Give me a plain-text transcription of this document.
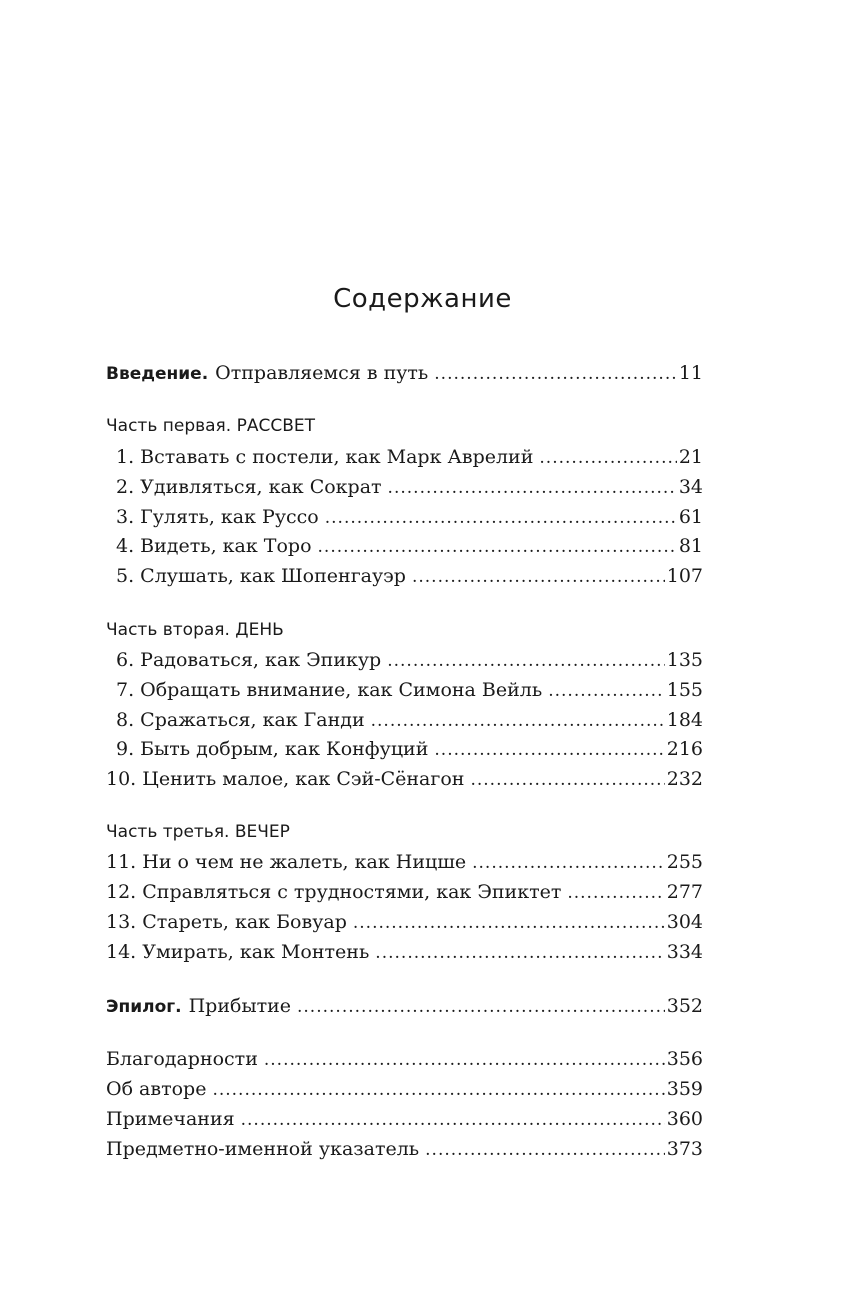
Содержание
Введение. Отправляемся в путь .....	11
Часть первая. РАССВЕТ
1. Вставать с постели, как Марк Аврелий .....	21
2. Удивляться, как Сократ .....	34
3. Гулять, как Руссо .....	61
4. Видеть, как Торо .....	81
5. Слушать, как Шопенгауэр .....	107
Часть вторая. ДЕНЬ
6. Радоваться, как Эпикур .....	135
7. Обращать внимание, как Симона Вейль .....	155
8. Сражаться, как Ганди .....	184
9. Быть добрым, как Конфуций .....	216
10. Ценить малое, как Сэй-Сёнагон .....	232
Часть третья. ВЕЧЕР
11. Ни о чем не жалеть, как Ницше .....	255
12. Справляться с трудностями, как Эпиктет .....	277
13. Стареть, как Бовуар .....	304
14. Умирать, как Монтень .....	334
Эпилог. Прибытие .....	352
Благодарности .....	356
Об авторе .....	359
Примечания .....	360
Предметно-именной указатель .....	373
